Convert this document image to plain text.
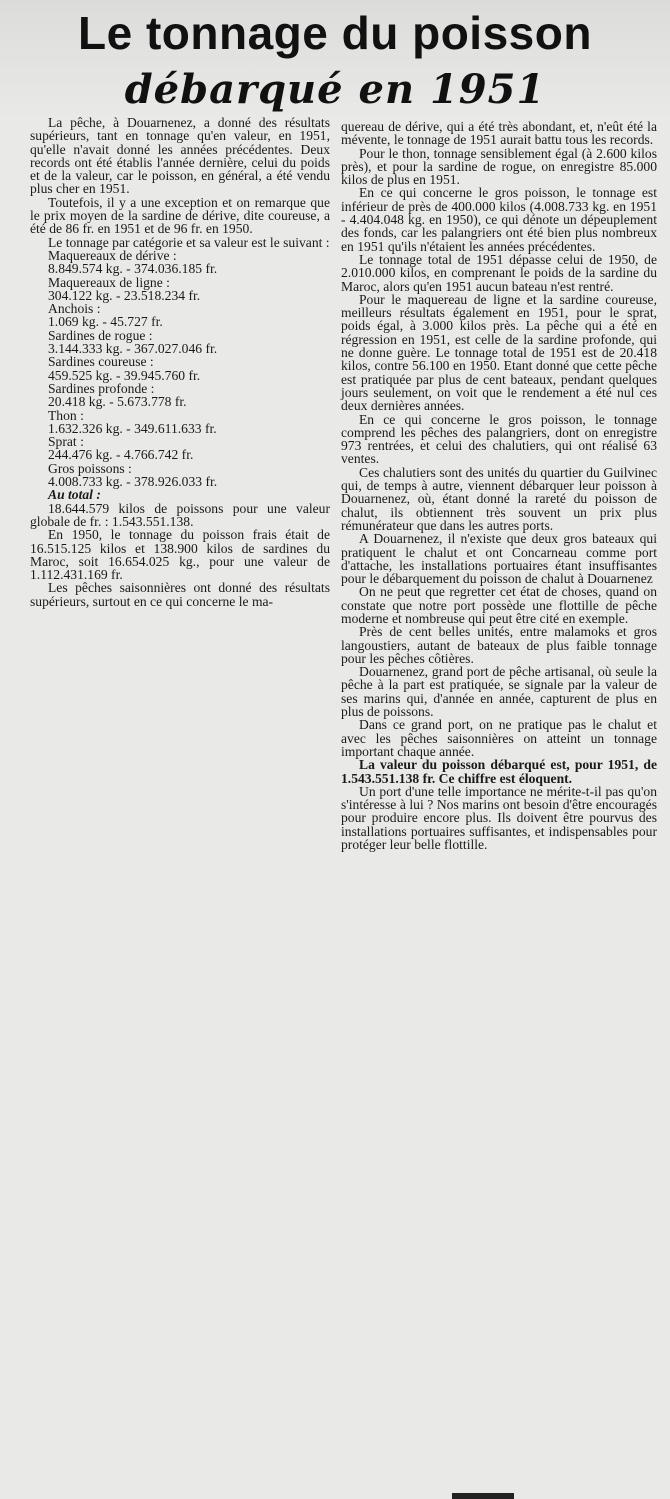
Le tonnage du poisson
débarqué en 1951

La pêche, à Douarnenez, a donné des résultats supérieurs, tant en tonnage qu'en valeur, en 1951, qu'elle n'avait donné les années précédentes. Deux records ont été établis l'année dernière, celui du poids et de la valeur, car le poisson, en général, a été vendu plus cher en 1951.

Toutefois, il y a une exception et on remarque que le prix moyen de la sardine de dérive, dite coureuse, a été de 86 fr. en 1951 et de 96 fr. en 1950.

Le tonnage par catégorie et sa valeur est le suivant :

Maquereaux de dérive :

8.849.574 kg. - 374.036.185 fr.

Maquereaux de ligne :

304.122 kg. - 23.518.234 fr.

Anchois :

1.069 kg. - 45.727 fr.

Sardines de rogue :

3.144.333 kg. - 367.027.046 fr.

Sardines coureuse :

459.525 kg. - 39.945.760 fr.

Sardines profonde :

20.418 kg. - 5.673.778 fr.

Thon :

1.632.326 kg. - 349.611.633 fr.

Sprat :

244.476 kg. - 4.766.742 fr.

Gros poissons :

4.008.733 kg. - 378.926.033 fr.

Au total :

18.644.579 kilos de poissons pour une valeur globale de fr. : 1.543.551.138.

En 1950, le tonnage du poisson frais était de 16.515.125 kilos et 138.900 kilos de sardines du Maroc, soit 16.654.025 kg., pour une valeur de 1.112.431.169 fr.

Les pêches saisonnières ont donné des résultats supérieurs, surtout en ce qui concerne le ma-

quereau de dérive, qui a été très abondant, et, n'eût été la mévente, le tonnage de 1951 aurait battu tous les records.

Pour le thon, tonnage sensiblement égal (à 2.600 kilos près), et pour la sardine de rogue, on enregistre 85.000 kilos de plus en 1951.

En ce qui concerne le gros poisson, le tonnage est inférieur de près de 400.000 kilos (4.008.733 kg. en 1951 - 4.404.048 kg. en 1950), ce qui dénote un dépeuplement des fonds, car les palangriers ont été bien plus nombreux en 1951 qu'ils n'étaient les années précédentes.

Le tonnage total de 1951 dépasse celui de 1950, de 2.010.000 kilos, en comprenant le poids de la sardine du Maroc, alors qu'en 1951 aucun bateau n'est rentré.

Pour le maquereau de ligne et la sardine coureuse, meilleurs résultats également en 1951, pour le sprat, poids égal, à 3.000 kilos près. La pêche qui a été en régression en 1951, est celle de la sardine profonde, qui ne donne guère. Le tonnage total de 1951 est de 20.418 kilos, contre 56.100 en 1950. Etant donné que cette pêche est pratiquée par plus de cent bateaux, pendant quelques jours seulement, on voit que le rendement a été nul ces deux dernières années.

En ce qui concerne le gros poisson, le tonnage comprend les pêches des palangriers, dont on enregistre 973 rentrées, et celui des chalutiers, qui ont réalisé 63 ventes.

Ces chalutiers sont des unités du quartier du Guilvinec qui, de temps à autre, viennent débarquer leur poisson à Douarnenez, où, étant donné la rareté du poisson de chalut, ils obtiennent très souvent un prix plus rémunérateur que dans les autres ports.

A Douarnenez, il n'existe que deux gros bateaux qui pratiquent le chalut et ont Concarneau comme port d'attache, les installations portuaires étant insuffisantes pour le débarquement du poisson de chalut à Douarnenez

On ne peut que regretter cet état de choses, quand on constate que notre port possède une flottille de pêche moderne et nombreuse qui peut être cité en exemple.

Près de cent belles unités, entre malamoks et gros langoustiers, autant de bateaux de plus faible tonnage pour les pêches côtières.

Douarnenez, grand port de pêche artisanal, où seule la pêche à la part est pratiquée, se signale par la valeur de ses marins qui, d'année en année, capturent de plus en plus de poissons.

Dans ce grand port, on ne pratique pas le chalut et avec les pêches saisonnières on atteint un tonnage important chaque année.

La valeur du poisson débarqué est, pour 1951, de 1.543.551.138 fr. Ce chiffre est éloquent.

Un port d'une telle importance ne mérite-t-il pas qu'on s'intéresse à lui ? Nos marins ont besoin d'être encouragés pour produire encore plus. Ils doivent être pourvus des installations portuaires suffisantes, et indispensables pour protéger leur belle flottille.
